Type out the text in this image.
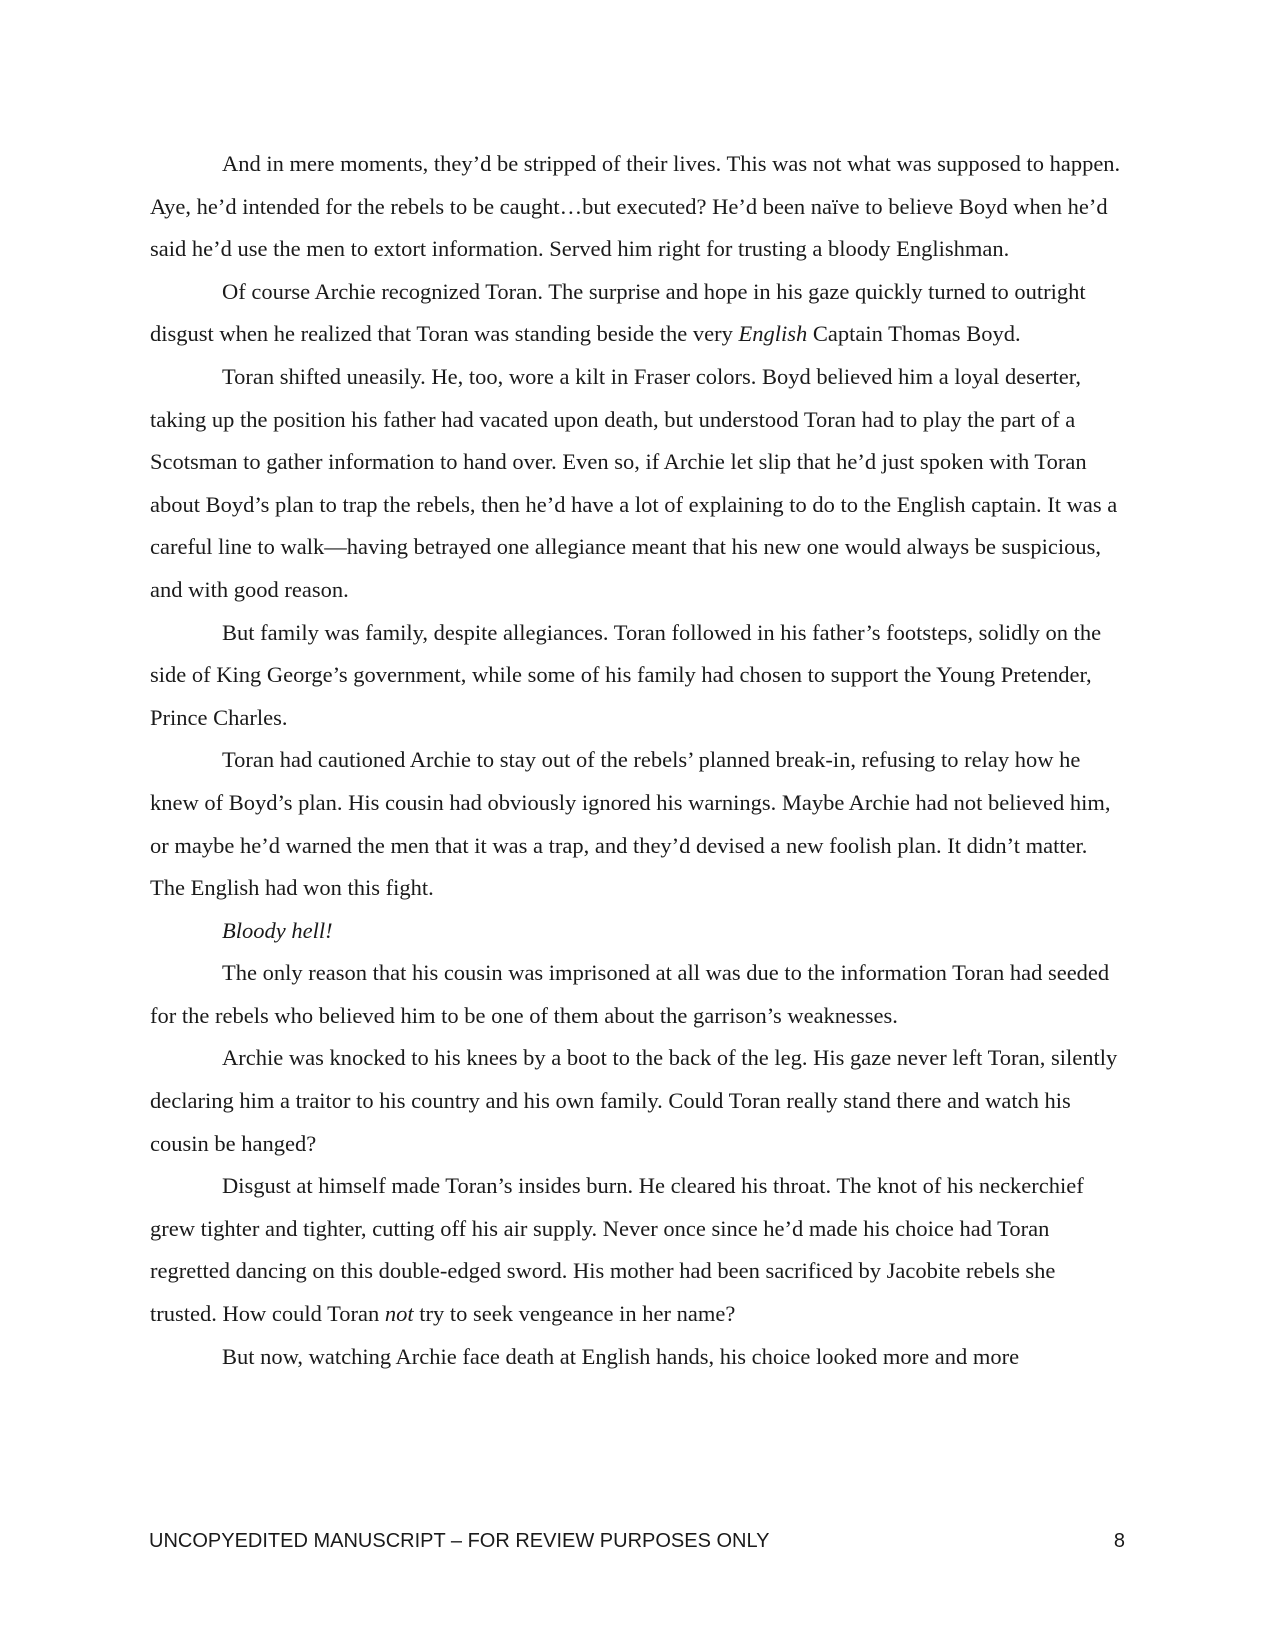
And in mere moments, they’d be stripped of their lives. This was not what was supposed to happen. Aye, he’d intended for the rebels to be caught…but executed? He’d been naïve to believe Boyd when he’d said he’d use the men to extort information. Served him right for trusting a bloody Englishman.

Of course Archie recognized Toran. The surprise and hope in his gaze quickly turned to outright disgust when he realized that Toran was standing beside the very English Captain Thomas Boyd.

Toran shifted uneasily. He, too, wore a kilt in Fraser colors. Boyd believed him a loyal deserter, taking up the position his father had vacated upon death, but understood Toran had to play the part of a Scotsman to gather information to hand over. Even so, if Archie let slip that he’d just spoken with Toran about Boyd’s plan to trap the rebels, then he’d have a lot of explaining to do to the English captain. It was a careful line to walk—having betrayed one allegiance meant that his new one would always be suspicious, and with good reason.

But family was family, despite allegiances. Toran followed in his father’s footsteps, solidly on the side of King George’s government, while some of his family had chosen to support the Young Pretender, Prince Charles.

Toran had cautioned Archie to stay out of the rebels’ planned break-in, refusing to relay how he knew of Boyd’s plan. His cousin had obviously ignored his warnings. Maybe Archie had not believed him, or maybe he’d warned the men that it was a trap, and they’d devised a new foolish plan. It didn’t matter. The English had won this fight.

Bloody hell!

The only reason that his cousin was imprisoned at all was due to the information Toran had seeded for the rebels who believed him to be one of them about the garrison’s weaknesses.

Archie was knocked to his knees by a boot to the back of the leg. His gaze never left Toran, silently declaring him a traitor to his country and his own family. Could Toran really stand there and watch his cousin be hanged?

Disgust at himself made Toran’s insides burn. He cleared his throat. The knot of his neckerchief grew tighter and tighter, cutting off his air supply. Never once since he’d made his choice had Toran regretted dancing on this double-edged sword. His mother had been sacrificed by Jacobite rebels she trusted. How could Toran not try to seek vengeance in her name?

But now, watching Archie face death at English hands, his choice looked more and more

UNCOPYEDITED MANUSCRIPT – FOR REVIEW PURPOSES ONLY	8
